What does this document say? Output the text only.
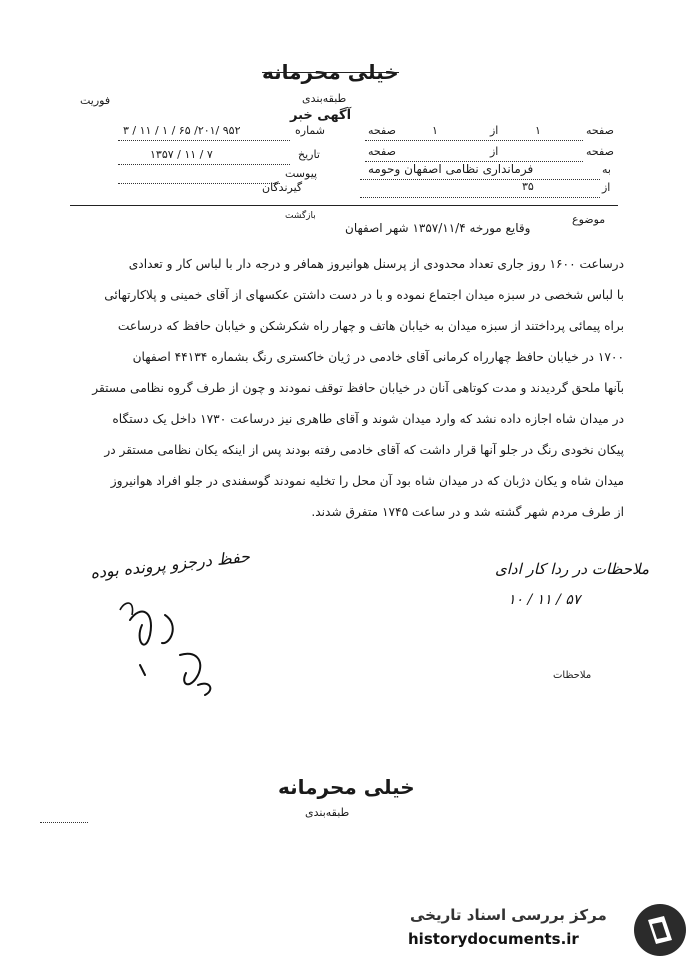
خیلی محرمانه
طبقه‌بندی
فوریت
آگهی خبر
شماره
۹۵۲ /۲۰۱/ ۶۵ / ۱ / ۱۱ / ۳
تاریخ
۱۳۵۷ / ۱۱ / ۷
پیوست
گیرندگان
صفحه
۱
از
۱
صفحه
صفحه
از
صفحه
به
فرمانداری نظامی اصفهان وحومه
از
۳۵
بازگشت	موضوع
وقایع مورخه ۱۳۵۷/۱۱/۴ شهر اصفهان
درساعت ۱۶۰۰ روز جاری تعداد محدودی از پرسنل هوانیروز همافر و درجه دار با لباس کار و تعدادی
با لباس شخصی در سبزه میدان اجتماع نموده و با در دست داشتن عکسهای از آقای خمینی و پلاکارتهائی
براه پیمائی پرداختند از سبزه میدان به خیابان هاتف و چهار راه شکرشکن و خیابان حافظ که درساعت
۱۷۰۰ در خیابان حافظ چهارراه کرمانی آقای خادمی در ژیان خاکستری رنگ بشماره ۴۴۱۳۴ اصفهان
بآنها ملحق گردیدند و مدت کوتاهی آنان در خیابان حافظ توقف نمودند و چون از طرف گروه نظامی مستقر
در میدان شاه اجازه داده نشد که وارد میدان شوند و آقای طاهری نیز درساعت ۱۷۳۰ داخل یک دستگاه
پیکان نخودی رنگ در جلو آنها قرار داشت که آقای خادمی رفته بودند پس از اینکه یکان نظامی مستقر در
میدان شاه و یکان دژبان که در میدان شاه بود آن محل را تخلیه نمودند گوسفندی در جلو افراد هوانیروز
از طرف مردم شهر گشته شد و در ساعت ۱۷۴۵ متفرق شدند.
ملاحظات در ردا کار ادای
۱۰ / ۱۱ / ۵۷
حفظ درجزو پرونده بوده
ملاحظات
خیلی محرمانه
طبقه‌بندی
مرکز بررسی اسناد تاریخی
historydocuments.ir
